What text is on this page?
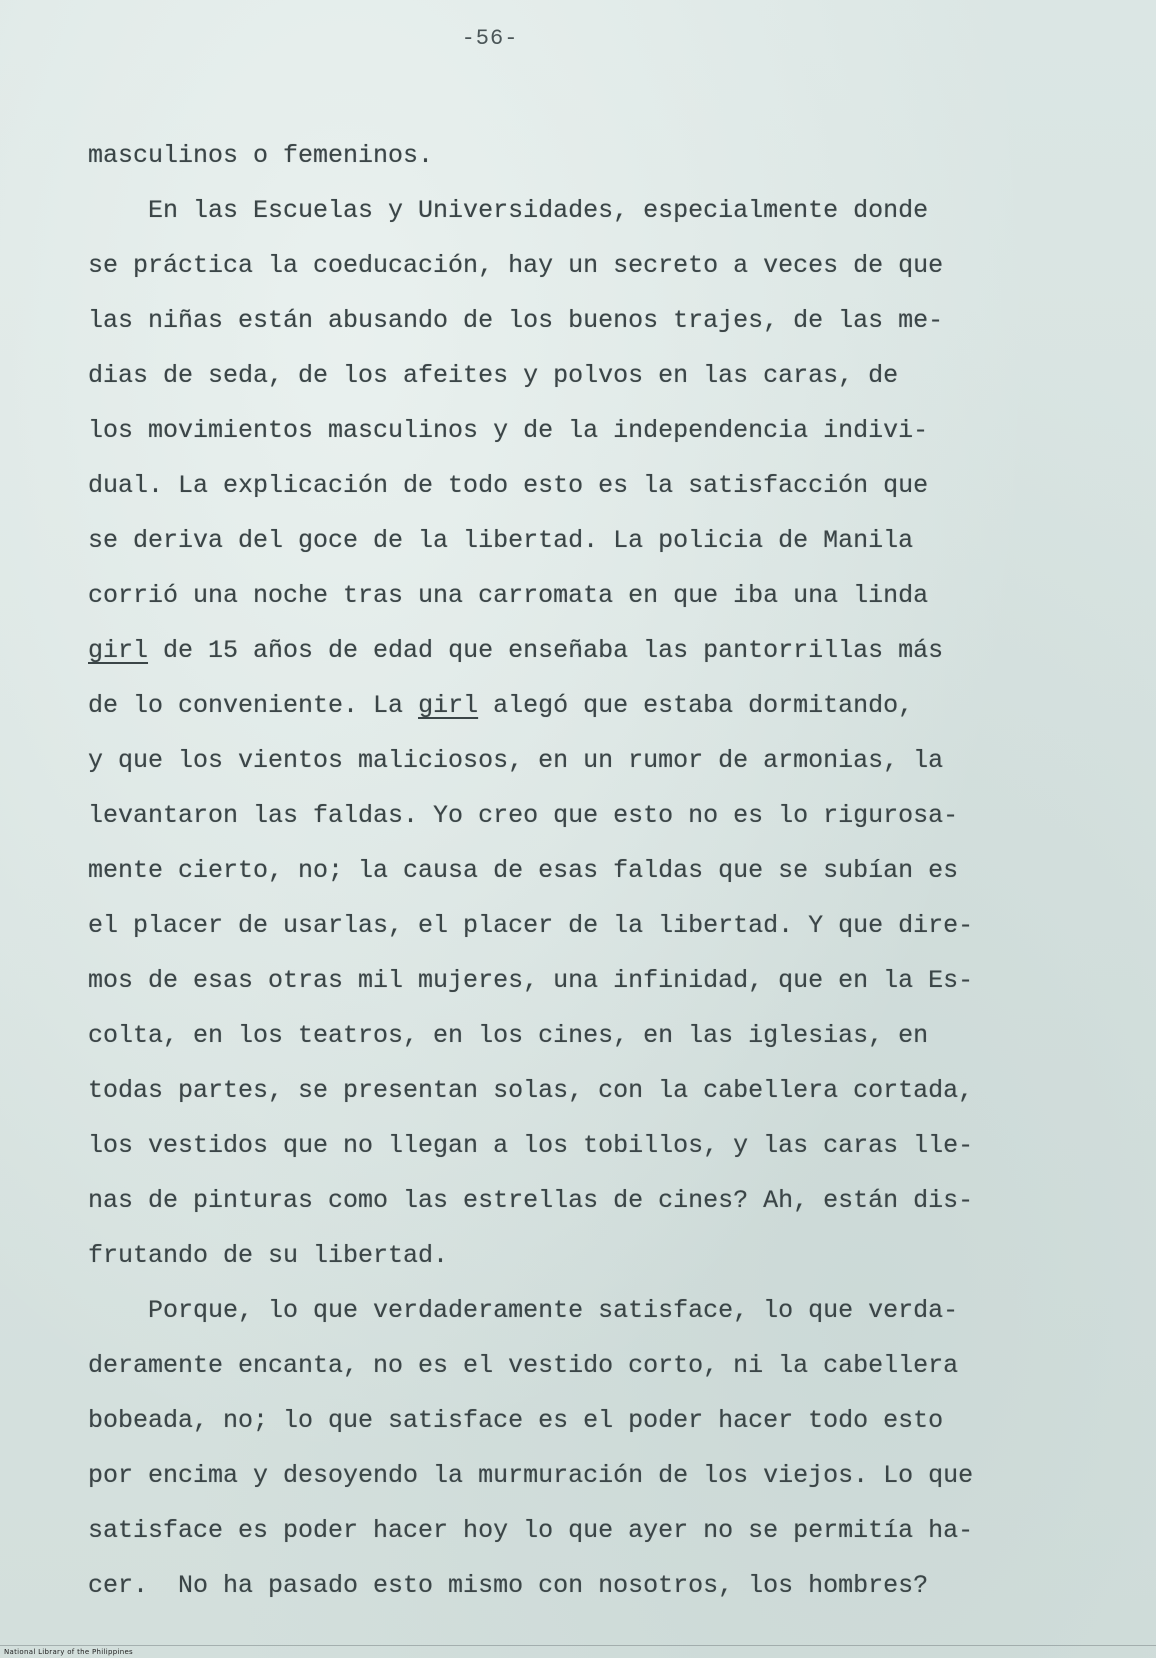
-56-
masculinos o femeninos.
En las Escuelas y Universidades, especialmente donde
se práctica la coeducación, hay un secreto a veces de que
las niñas están abusando de los buenos trajes, de las me-
dias de seda, de los afeites y polvos en las caras, de
los movimientos masculinos y de la independencia indivi-
dual. La explicación de todo esto es la satisfacción que
se deriva del goce de la libertad. La policia de Manila
corrió una noche tras una carromata en que iba una linda
girl de 15 años de edad que enseñaba las pantorrillas más
de lo conveniente. La girl alegó que estaba dormitando,
y que los vientos maliciosos, en un rumor de armonias, la
levantaron las faldas. Yo creo que esto no es lo rigurosa-
mente cierto, no; la causa de esas faldas que se subían es
el placer de usarlas, el placer de la libertad. Y que dire-
mos de esas otras mil mujeres, una infinidad, que en la Es-
colta, en los teatros, en los cines, en las iglesias, en
todas partes, se presentan solas, con la cabellera cortada,
los vestidos que no llegan a los tobillos, y las caras lle-
nas de pinturas como las estrellas de cines? Ah, están dis-
frutando de su libertad.
Porque, lo que verdaderamente satisface, lo que verda-
deramente encanta, no es el vestido corto, ni la cabellera
bobeada, no; lo que satisface es el poder hacer todo esto
por encima y desoyendo la murmuración de los viejos. Lo que
satisface es poder hacer hoy lo que ayer no se permitía ha-
cer.  No ha pasado esto mismo con nosotros, los hombres?
National Library of the Philippines
